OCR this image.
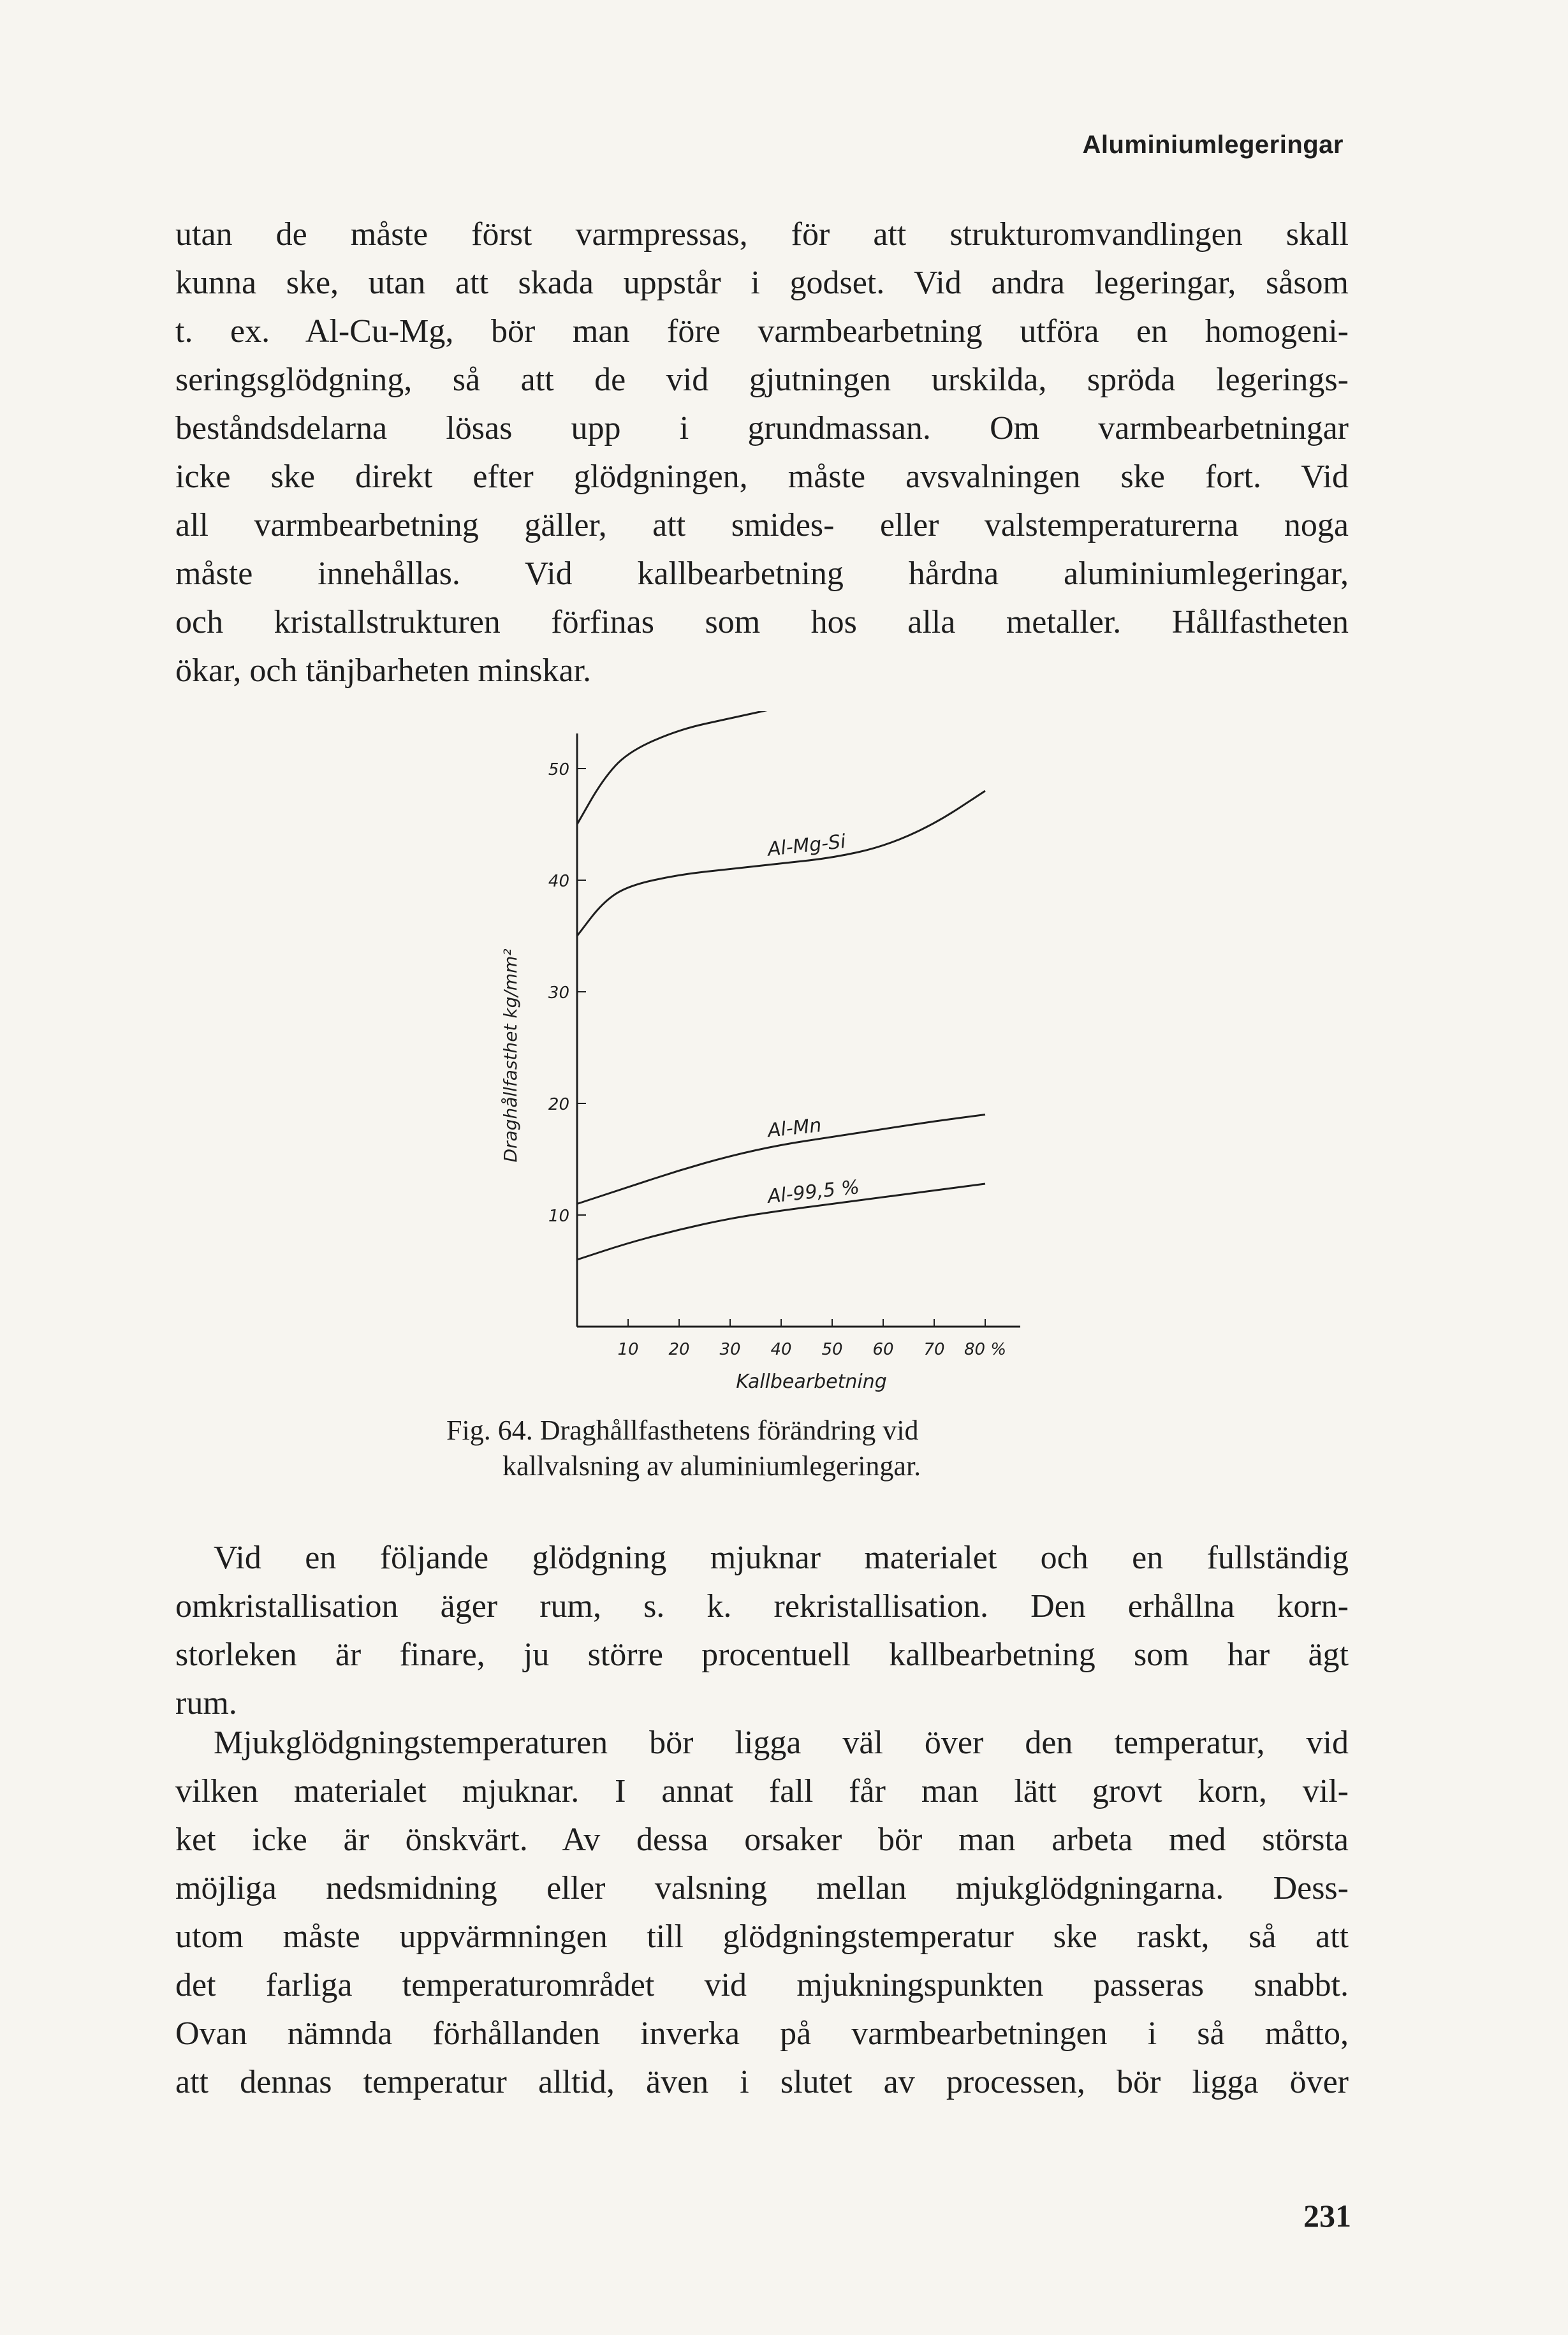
Aluminiumlegeringar
utan de måste först varmpressas, för att strukturomvandlingen skall
kunna ske, utan att skada uppstår i godset. Vid andra legeringar, såsom
t. ex. Al-Cu-Mg, bör man före varmbearbetning utföra en homogeni-
seringsglödgning, så att de vid gjutningen urskilda, spröda legerings-
beståndsdelarna lösas upp i grundmassan. Om varmbearbetningar
icke ske direkt efter glödgningen, måste avsvalningen ske fort. Vid
all varmbearbetning gäller, att smides- eller valstemperaturerna noga
måste innehållas. Vid kallbearbetning hårdna aluminiumlegeringar,
och kristallstrukturen förfinas som hos alla metaller. Hållfastheten
ökar, och tänjbarheten minskar.
10
20
30
40
50
10 20 30 40 50 60 70 80 %
Draghållfasthet kg/mm²
Kallbearbetning
Al-Mg-Si
Al-Mn
Al-99,5 %
Fig. 64. Draghållfasthetens förändring vid
kallvalsning av aluminiumlegeringar.
Vid en följande glödgning mjuknar materialet och en fullständig
omkristallisation äger rum, s. k. rekristallisation. Den erhållna korn-
storleken är finare, ju större procentuell kallbearbetning som har ägt
rum.
Mjukglödgningstemperaturen bör ligga väl över den temperatur, vid
vilken materialet mjuknar. I annat fall får man lätt grovt korn, vil-
ket icke är önskvärt. Av dessa orsaker bör man arbeta med största
möjliga nedsmidning eller valsning mellan mjukglödgningarna. Dess-
utom måste uppvärmningen till glödgningstemperatur ske raskt, så att
det farliga temperaturområdet vid mjukningspunkten passeras snabbt.
Ovan nämnda förhållanden inverka på varmbearbetningen i så måtto,
att dennas temperatur alltid, även i slutet av processen, bör ligga över
231
